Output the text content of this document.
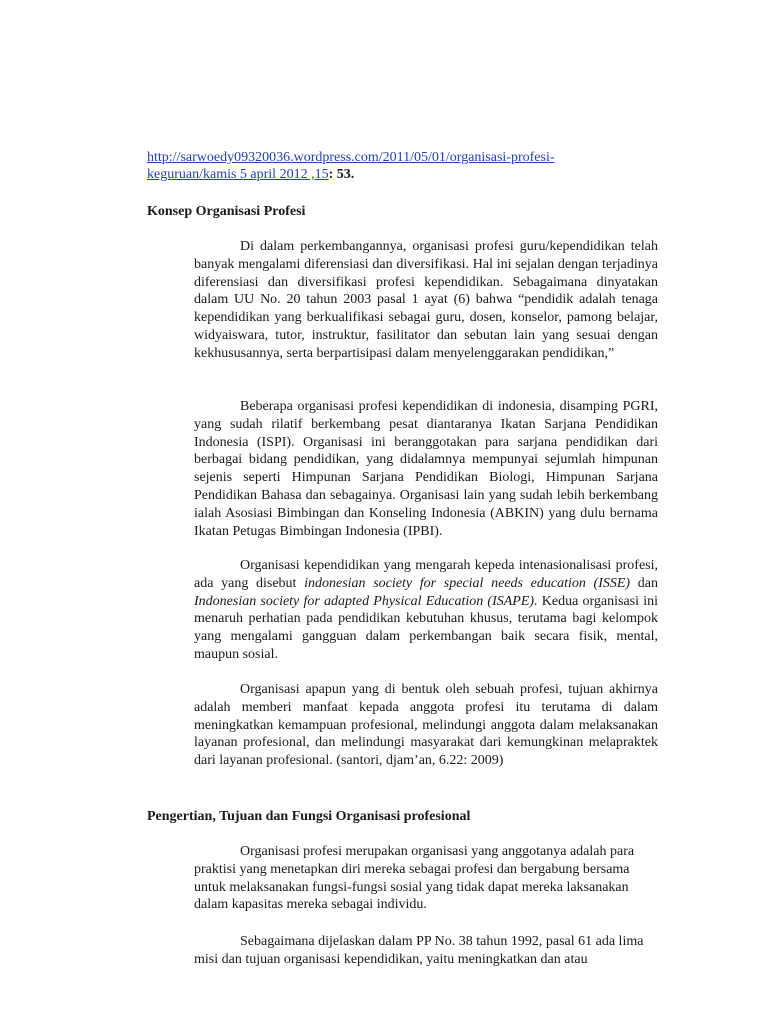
http://sarwoedy09320036.wordpress.com/2011/05/01/organisasi-profesi-keguruan/kamis 5 april 2012 ,15: 53.
Konsep Organisasi Profesi

Di dalam perkembangannya, organisasi profesi guru/kependidikan telah banyak mengalami diferensiasi dan diversifikasi. Hal ini sejalan dengan terjadinya diferensiasi dan diversifikasi profesi kependidikan. Sebagaimana dinyatakan dalam UU No. 20 tahun 2003 pasal 1 ayat (6) bahwa “pendidik adalah tenaga kependidikan yang berkualifikasi sebagai guru, dosen, konselor, pamong belajar, widyaiswara, tutor, instruktur, fasilitator dan sebutan lain yang sesuai dengan kekhususannya, serta berpartisipasi dalam menyelenggarakan pendidikan,”

Beberapa organisasi profesi kependidikan di indonesia, disamping PGRI, yang sudah rilatif berkembang pesat diantaranya Ikatan Sarjana Pendidikan Indonesia (ISPI). Organisasi ini beranggotakan para sarjana pendidikan dari berbagai bidang pendidikan, yang didalamnya mempunyai sejumlah himpunan sejenis seperti Himpunan Sarjana Pendidikan Biologi, Himpunan Sarjana Pendidikan Bahasa dan sebagainya. Organisasi lain yang sudah lebih berkembang ialah Asosiasi Bimbingan dan Konseling Indonesia (ABKIN) yang dulu bernama Ikatan Petugas Bimbingan Indonesia (IPBI).

Organisasi kependidikan yang mengarah kepeda intenasionalisasi profesi, ada yang disebut indonesian society for special needs education (ISSE) dan Indonesian society for adapted Physical Education (ISAPE). Kedua organisasi ini menaruh perhatian pada pendidikan kebutuhan khusus, terutama bagi kelompok yang mengalami gangguan dalam perkembangan baik secara fisik, mental, maupun sosial.

Organisasi apapun yang di bentuk oleh sebuah profesi, tujuan akhirnya adalah memberi manfaat kepada anggota profesi itu terutama di dalam meningkatkan kemampuan profesional, melindungi anggota dalam melaksanakan layanan profesional, dan melindungi masyarakat dari kemungkinan melapraktek dari layanan profesional. (santori, djam’an, 6.22: 2009)

Pengertian, Tujuan dan Fungsi Organisasi profesional

Organisasi profesi merupakan organisasi yang anggotanya adalah para praktisi yang menetapkan diri mereka sebagai profesi dan bergabung bersama untuk melaksanakan fungsi-fungsi sosial yang tidak dapat mereka laksanakan dalam kapasitas mereka sebagai individu.

Sebagaimana dijelaskan dalam PP No. 38 tahun 1992, pasal 61 ada lima misi dan tujuan organisasi kependidikan, yaitu meningkatkan dan atau
